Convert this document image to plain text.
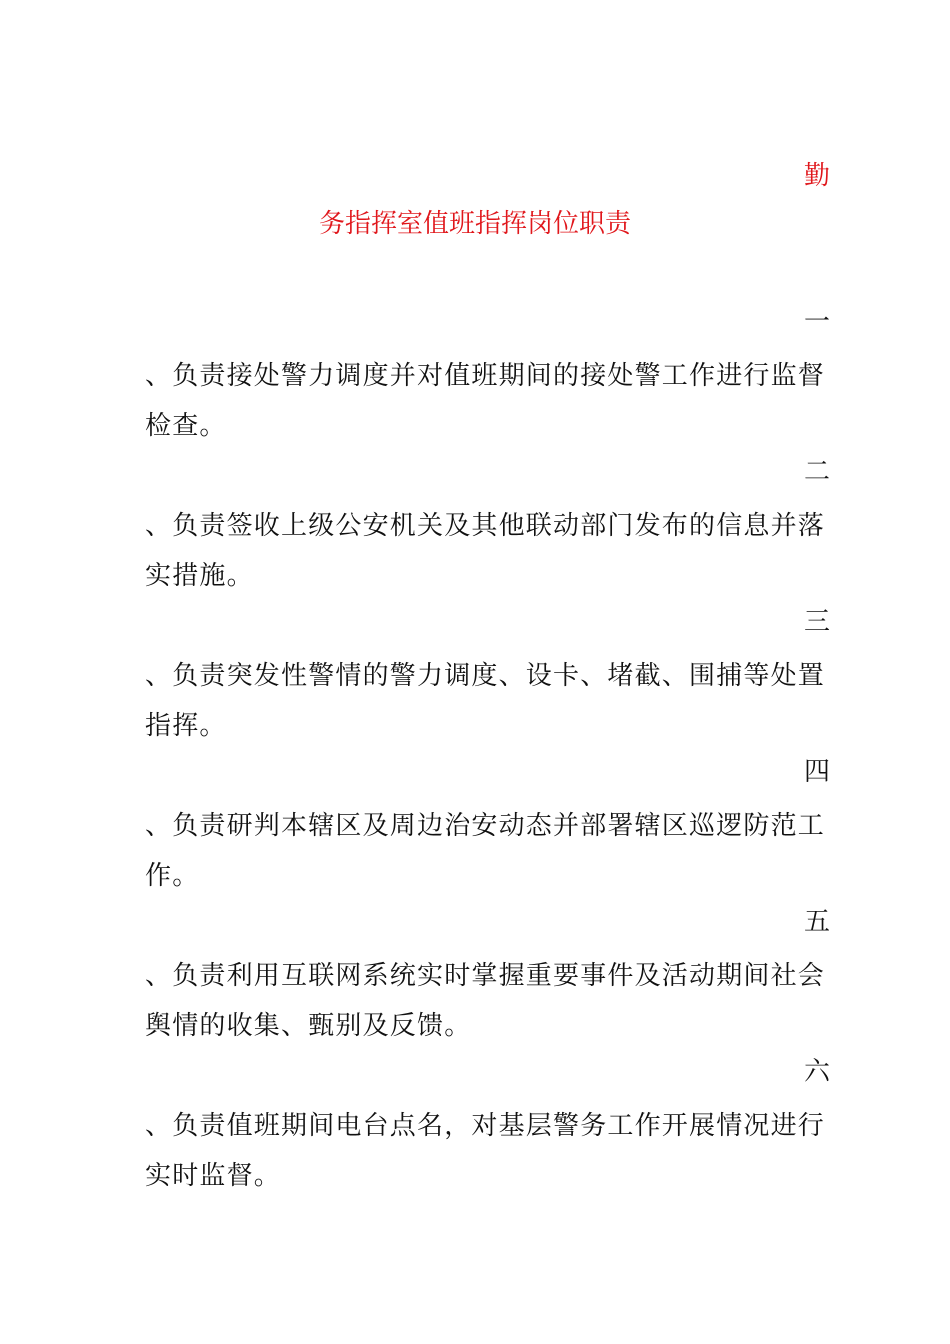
勤
务指挥室值班指挥岗位职责
一
、负责接处警力调度并对值班期间的接处警工作进行监督
检查。
二
、负责签收上级公安机关及其他联动部门发布的信息并落
实措施。
三
、负责突发性警情的警力调度、设卡、堵截、围捕等处置
指挥。
四
、负责研判本辖区及周边治安动态并部署辖区巡逻防范工
作。
五
、负责利用互联网系统实时掌握重要事件及活动期间社会
舆情的收集、甄别及反馈。
六
、负责值班期间电台点名，对基层警务工作开展情况进行
实时监督。
